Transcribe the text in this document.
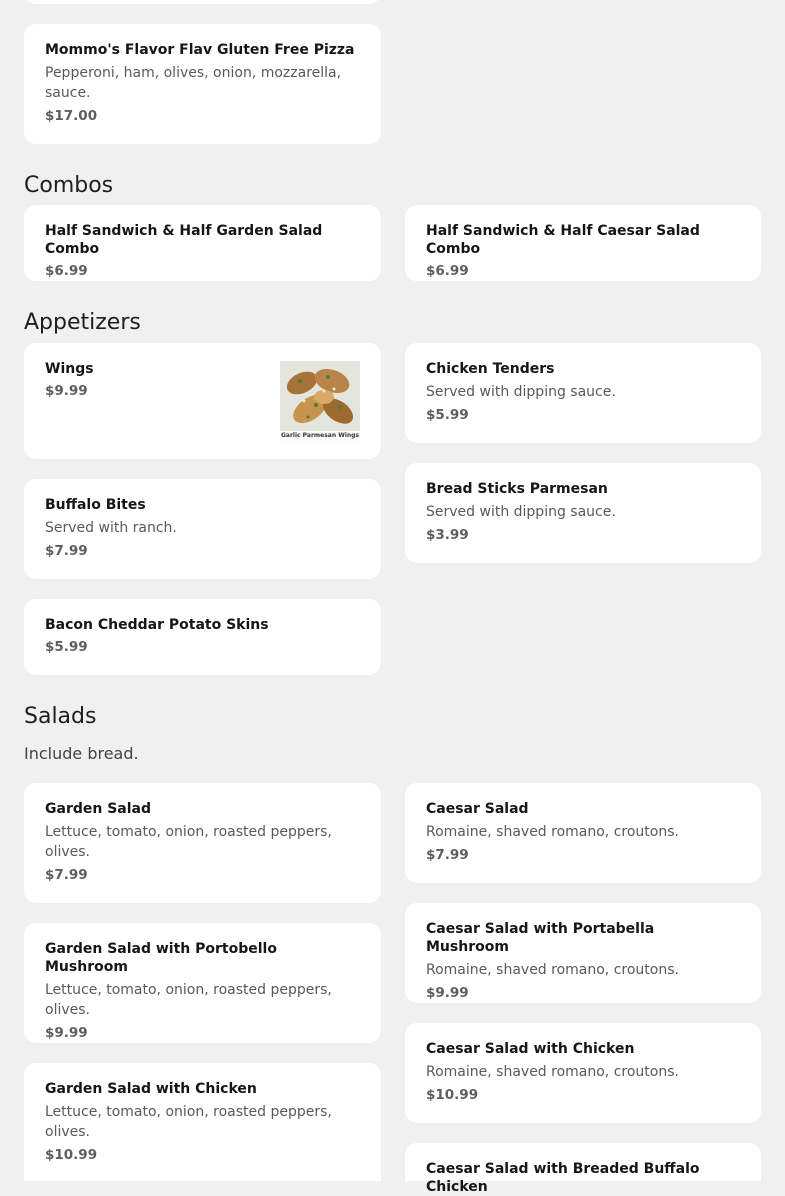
Mommo's Flavor Flav Gluten Free Pizza
Pepperoni, ham, olives, onion, mozzarella,
sauce.
$17.00
Combos
Half Sandwich & Half Garden Salad Combo
$6.99
Half Sandwich & Half Caesar Salad Combo
$6.99
Appetizers
Wings
$9.99
Garlic Parmesan Wings
Chicken Tenders
Served with dipping sauce.
$5.99
Bread Sticks Parmesan
Served with dipping sauce.
$3.99
Buffalo Bites
Served with ranch.
$7.99
Bacon Cheddar Potato Skins
$5.99
Salads
Include bread.
Garden Salad
Lettuce, tomato, onion, roasted peppers,
olives.
$7.99
Caesar Salad
Romaine, shaved romano, croutons.
$7.99
Caesar Salad with Portabella Mushroom
Romaine, shaved romano, croutons.
$9.99
Garden Salad with Portobello Mushroom
Lettuce, tomato, onion, roasted peppers,
olives.
$9.99
Caesar Salad with Chicken
Romaine, shaved romano, croutons.
$10.99
Garden Salad with Chicken
Lettuce, tomato, onion, roasted peppers,
olives.
$10.99
Caesar Salad with Breaded Buffalo Chicken
